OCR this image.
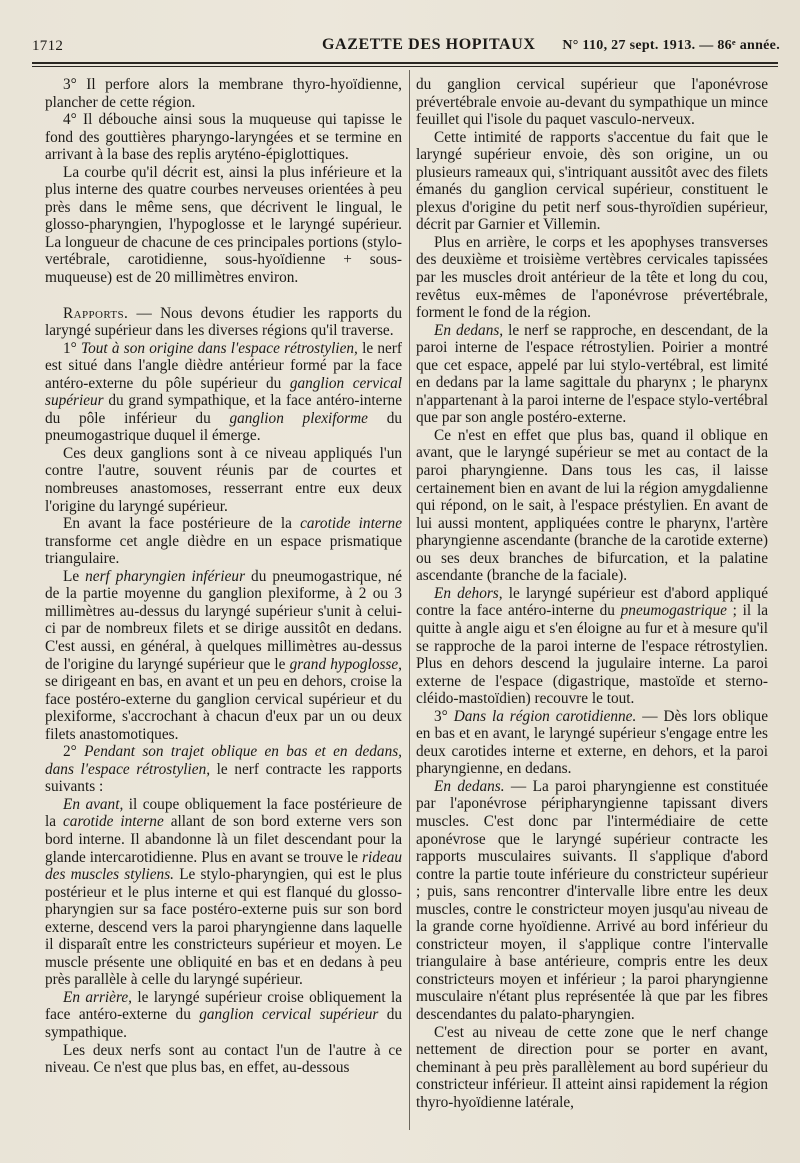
1712	GAZETTE DES HOPITAUX N° 110, 27 sept. 1913. — 86ᵉ année.

3° Il perfore alors la membrane thyro-hyoïdienne, plancher de cette région.

4° Il débouche ainsi sous la muqueuse qui tapisse le fond des gouttières pharyngo-laryngées et se termine en arrivant à la base des replis aryténo-épiglottiques.

La courbe qu'il décrit est, ainsi la plus inférieure et la plus interne des quatre courbes nerveuses orientées à peu près dans le même sens, que décrivent le lingual, le glosso-pharyngien, l'hypoglosse et le laryngé supérieur. La longueur de chacune de ces principales portions (stylo-vertébrale, carotidienne, sous-hyoïdienne + sous-muqueuse) est de 20 millimètres environ.

Rapports. — Nous devons étudier les rapports du laryngé supérieur dans les diverses régions qu'il traverse.

1° Tout à son origine dans l'espace rétrostylien, le nerf est situé dans l'angle dièdre antérieur formé par la face antéro-externe du pôle supérieur du ganglion cervical supérieur du grand sympathique, et la face antéro-interne du pôle inférieur du ganglion plexiforme du pneumogastrique duquel il émerge.

Ces deux ganglions sont à ce niveau appliqués l'un contre l'autre, souvent réunis par de courtes et nombreuses anastomoses, resserrant entre eux deux l'origine du laryngé supérieur.

En avant la face postérieure de la carotide interne transforme cet angle dièdre en un espace prismatique triangulaire.

Le nerf pharyngien inférieur du pneumogastrique, né de la partie moyenne du ganglion plexiforme, à 2 ou 3 millimètres au-dessus du laryngé supérieur s'unit à celui-ci par de nombreux filets et se dirige aussitôt en dedans. C'est aussi, en général, à quelques millimètres au-dessus de l'origine du laryngé supérieur que le grand hypoglosse, se dirigeant en bas, en avant et un peu en dehors, croise la face postéro-externe du ganglion cervical supérieur et du plexiforme, s'accrochant à chacun d'eux par un ou deux filets anastomotiques.

2° Pendant son trajet oblique en bas et en dedans, dans l'espace rétrostylien, le nerf contracte les rapports suivants :

En avant, il coupe obliquement la face postérieure de la carotide interne allant de son bord externe vers son bord interne. Il abandonne là un filet descendant pour la glande intercarotidienne. Plus en avant se trouve le rideau des muscles styliens. Le stylo-pharyngien, qui est le plus postérieur et le plus interne et qui est flanqué du glosso-pharyngien sur sa face postéro-externe puis sur son bord externe, descend vers la paroi pharyngienne dans laquelle il disparaît entre les constricteurs supérieur et moyen. Le muscle présente une obliquité en bas et en dedans à peu près parallèle à celle du laryngé supérieur.

En arrière, le laryngé supérieur croise obliquement la face antéro-externe du ganglion cervical supérieur du sympathique.

Les deux nerfs sont au contact l'un de l'autre à ce niveau. Ce n'est que plus bas, en effet, au-dessous

du ganglion cervical supérieur que l'aponévrose prévertébrale envoie au-devant du sympathique un mince feuillet qui l'isole du paquet vasculo-nerveux.

Cette intimité de rapports s'accentue du fait que le laryngé supérieur envoie, dès son origine, un ou plusieurs rameaux qui, s'intriquant aussitôt avec des filets émanés du ganglion cervical supérieur, constituent le plexus d'origine du petit nerf sous-thyroïdien supérieur, décrit par Garnier et Villemin.

Plus en arrière, le corps et les apophyses transverses des deuxième et troisième vertèbres cervicales tapissées par les muscles droit antérieur de la tête et long du cou, revêtus eux-mêmes de l'aponévrose prévertébrale, forment le fond de la région.

En dedans, le nerf se rapproche, en descendant, de la paroi interne de l'espace rétrostylien. Poirier a montré que cet espace, appelé par lui stylo-vertébral, est limité en dedans par la lame sagittale du pharynx ; le pharynx n'appartenant à la paroi interne de l'espace stylo-vertébral que par son angle postéro-externe.

Ce n'est en effet que plus bas, quand il oblique en avant, que le laryngé supérieur se met au contact de la paroi pharyngienne. Dans tous les cas, il laisse certainement bien en avant de lui la région amygdalienne qui répond, on le sait, à l'espace préstylien. En avant de lui aussi montent, appliquées contre le pharynx, l'artère pharyngienne ascendante (branche de la carotide externe) ou ses deux branches de bifurcation, et la palatine ascendante (branche de la faciale).

En dehors, le laryngé supérieur est d'abord appliqué contre la face antéro-interne du pneumogastrique ; il la quitte à angle aigu et s'en éloigne au fur et à mesure qu'il se rapproche de la paroi interne de l'espace rétrostylien. Plus en dehors descend la jugulaire interne. La paroi externe de l'espace (digastrique, mastoïde et sterno-cléido-mastoïdien) recouvre le tout.

3° Dans la région carotidienne. — Dès lors oblique en bas et en avant, le laryngé supérieur s'engage entre les deux carotides interne et externe, en dehors, et la paroi pharyngienne, en dedans.

En dedans. — La paroi pharyngienne est constituée par l'aponévrose péripharyngienne tapissant divers muscles. C'est donc par l'intermédiaire de cette aponévrose que le laryngé supérieur contracte les rapports musculaires suivants. Il s'applique d'abord contre la partie toute inférieure du constricteur supérieur ; puis, sans rencontrer d'intervalle libre entre les deux muscles, contre le constricteur moyen jusqu'au niveau de la grande corne hyoïdienne. Arrivé au bord inférieur du constricteur moyen, il s'applique contre l'intervalle triangulaire à base antérieure, compris entre les deux constricteurs moyen et inférieur ; la paroi pharyngienne musculaire n'étant plus représentée là que par les fibres descendantes du palato-pharyngien.

C'est au niveau de cette zone que le nerf change nettement de direction pour se porter en avant, cheminant à peu près parallèlement au bord supérieur du constricteur inférieur. Il atteint ainsi rapidement la région thyro-hyoïdienne latérale,
